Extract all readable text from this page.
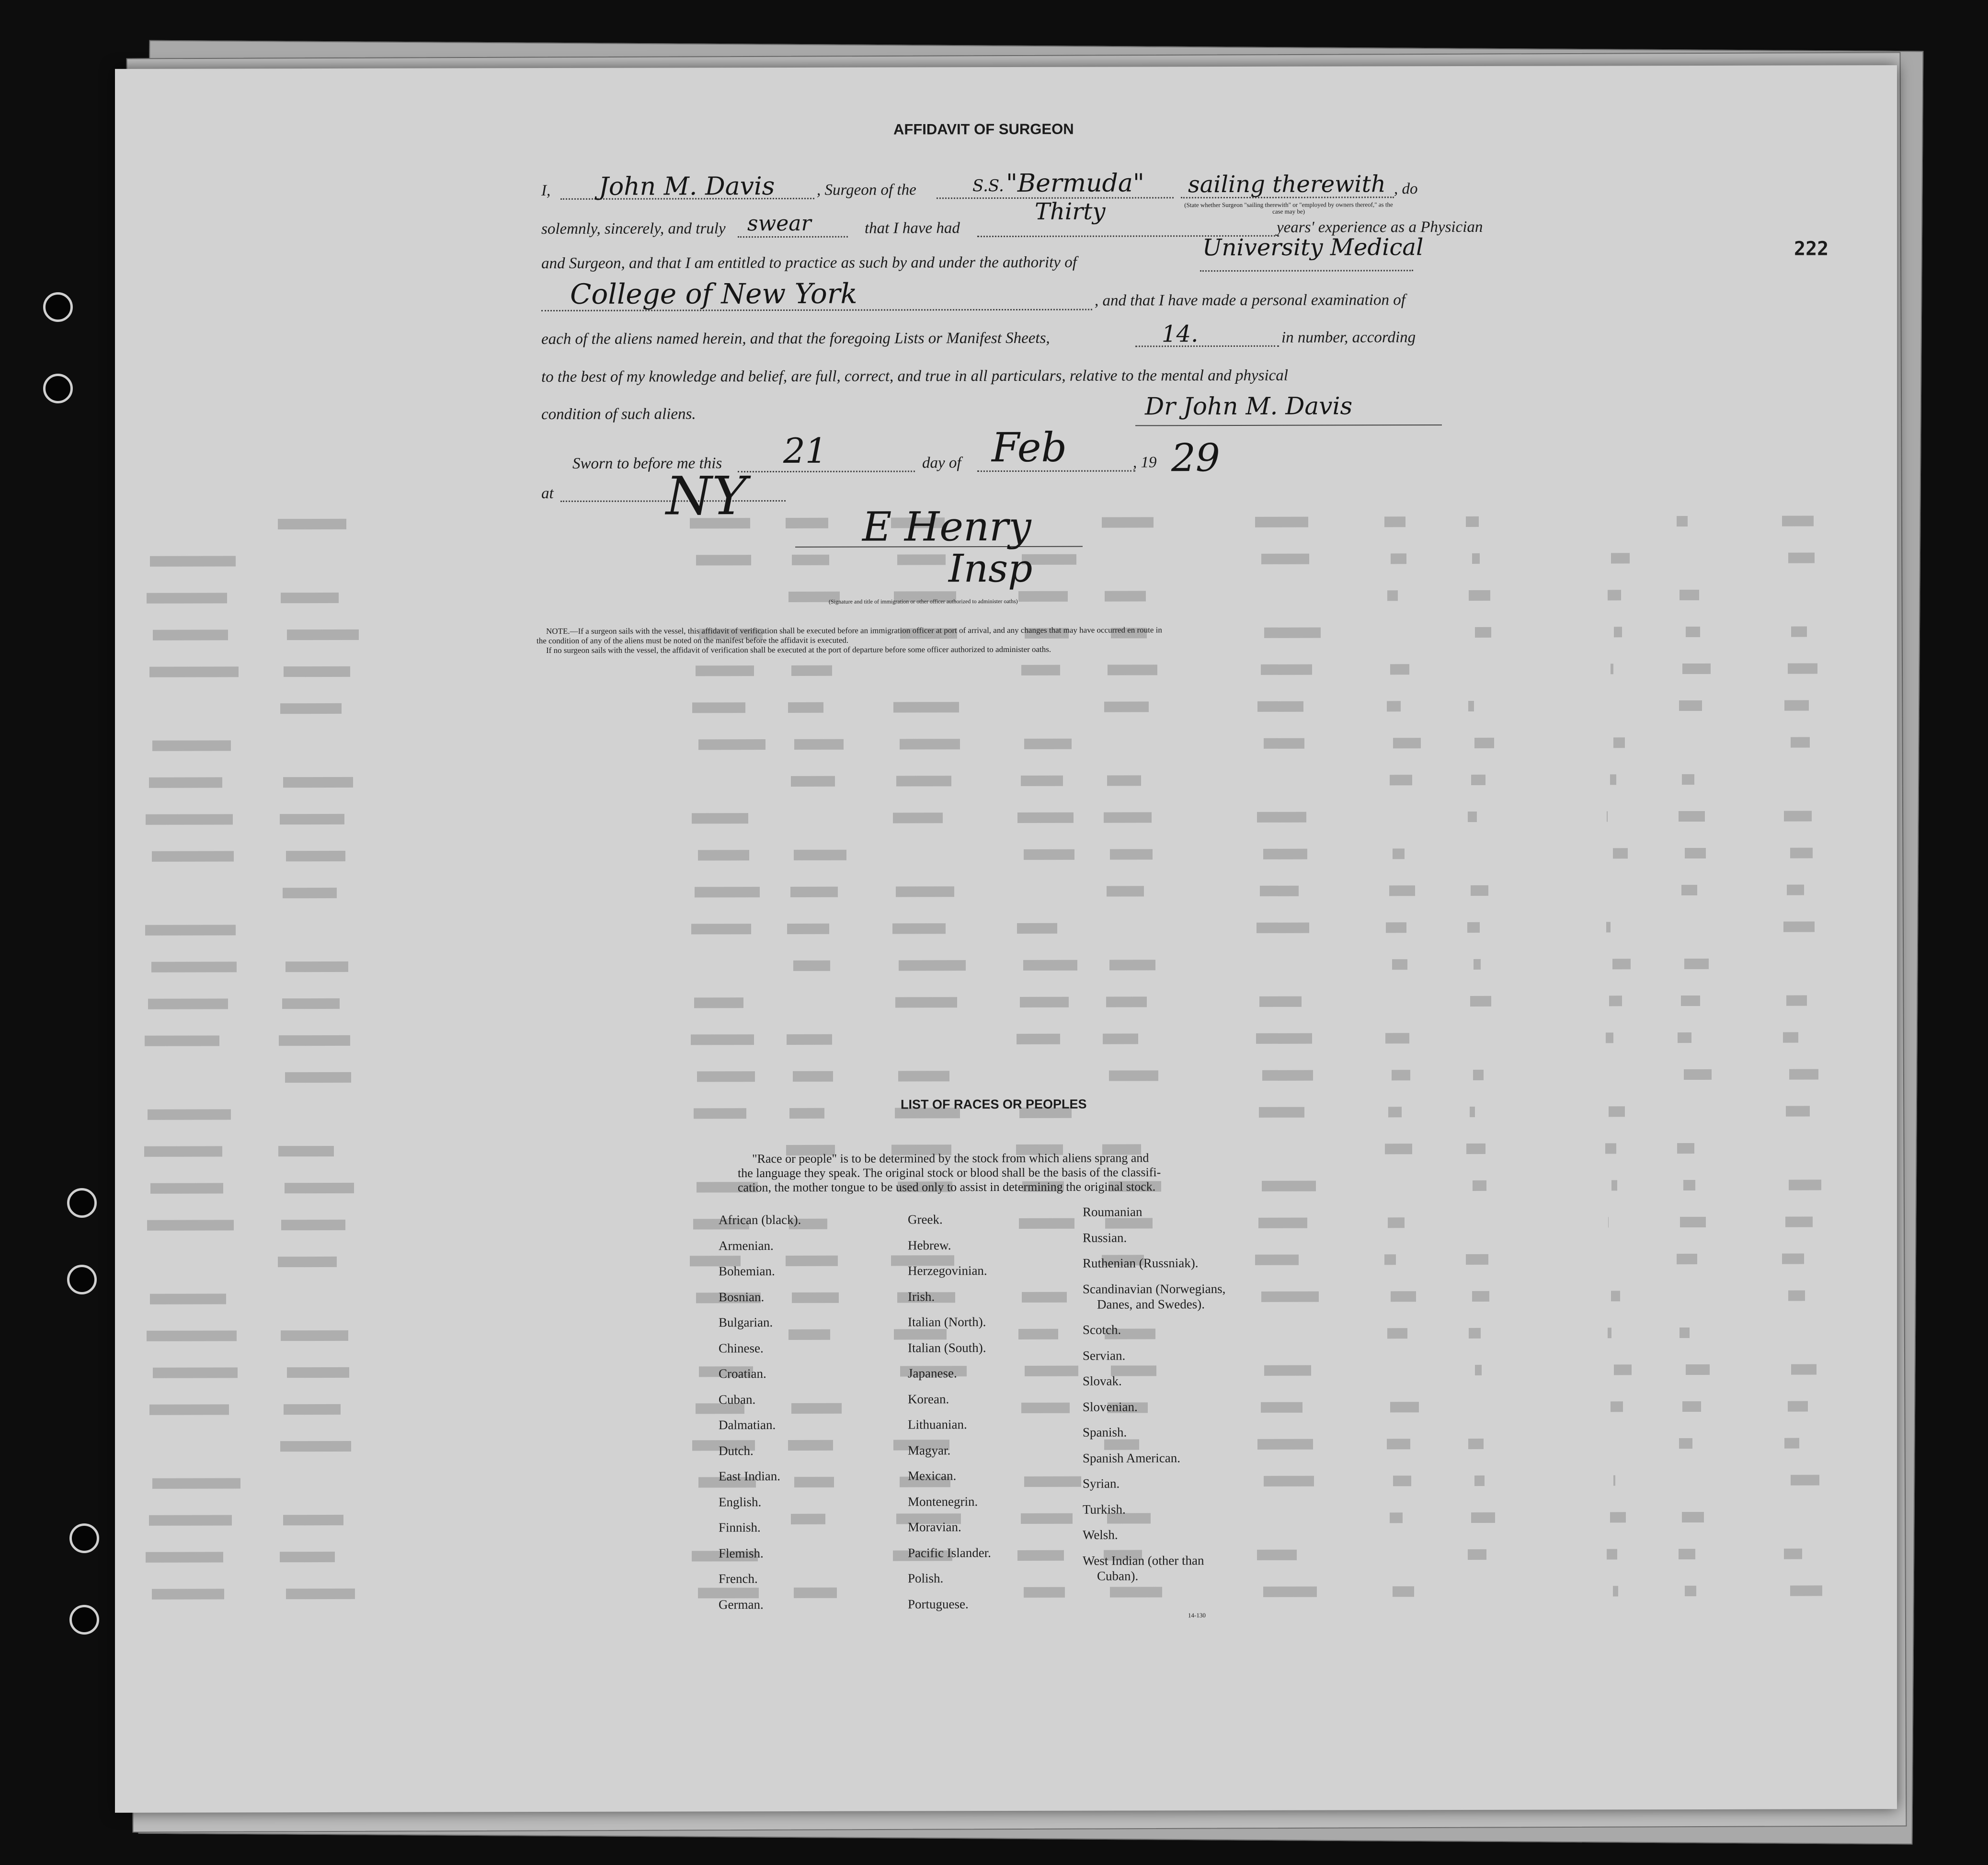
222
AFFIDAVIT OF SURGEON
I, John M. Davis	, Surgeon of the	S.S. "Bermuda" sailing therewith , do
(State whether Surgeon "sailing therewith" or "employed by owners thereof," as the case may be)
solemnly, sincerely, and truly swear	that I have had
Thirty
years' experience as a Physician
and Surgeon, and that I am entitled to practice as such by and under the authority of
University Medical
College of New York	, and that I have made a personal examination of
each of the aliens named herein, and that the foregoing Lists or Manifest Sheets,	14.	in number, according
to the best of my knowledge and belief, are full, correct, and true in all particulars, relative to the mental and physical
condition of such aliens.	Dr John M. Davis
Sworn to before me this 21	day of Feb	, 19 29
at NY	E Henry
Insp
(Signature and title of immigration or other officer authorized to administer oaths)
NOTE.—If a surgeon sails with the vessel, this affidavit of verification shall be executed before an immigration officer at port of arrival, and any changes that may have occurred en route in
the condition of any of the aliens must be noted on the manifest before the affidavit is executed.
If no surgeon sails with the vessel, the affidavit of verification shall be executed at the port of departure before some officer authorized to administer oaths.
LIST OF RACES OR PEOPLES
"Race or people" is to be determined by the stock from which aliens sprang and
the language they speak. The original stock or blood shall be the basis of the classifi-
cation, the mother tongue to be used only to assist in determining the original stock.
African (black).
Armenian.
Bohemian.
Bosnian.
Bulgarian.
Chinese.
Croatian.
Cuban.
Dalmatian.
Dutch.
East Indian.
English.
Finnish.
Flemish.
French.
German.
Greek.
Hebrew.
Herzegovinian.
Irish.
Italian (North).
Italian (South).
Japanese.
Korean.
Lithuanian.
Magyar.
Mexican.
Montenegrin.
Moravian.
Pacific Islander.
Polish.
Portuguese.
Roumanian
Russian.
Ruthenian (Russniak).
Scandinavian (Norwegians,
Danes, and Swedes).
Scotch.
Servian.
Slovak.
Slovenian.
Spanish.
Spanish American.
Syrian.
Turkish.
Welsh.
West Indian (other than
Cuban).
14-130
